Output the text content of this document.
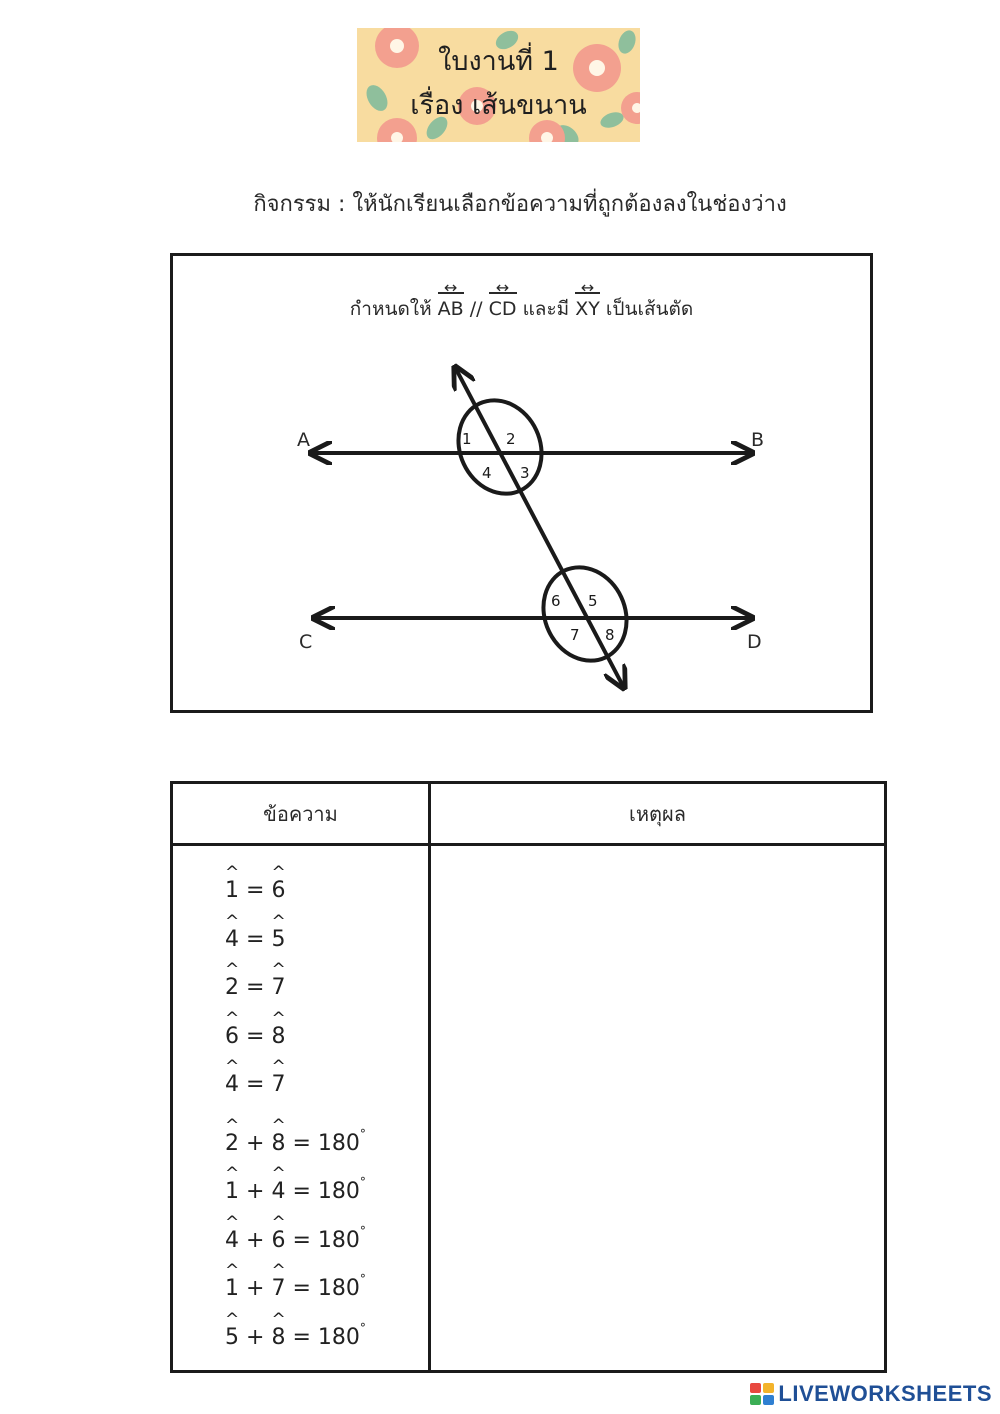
ใบงานที่ 1
เรื่อง เส้นขนาน
กิจกรรม : ให้นักเรียนเลือกข้อความที่ถูกต้องลงในช่องว่าง
กำหนดให้ AB ↔ // CD ↔ และมี XY ↔ เป็นเส้นตัด
A	B
C	D
1 2
3
4
5
6
7 8
ข้อความ	เหตุผล
^ 1 = ^ 6
^ 4 = ^ 5
^ 2 = ^ 7
^ 6 = ^ 8
^ 4 = ^ 7
^ 2 + ^ 8 = 180°
^ 1 + ^ 4 = 180°
^ 4 + ^ 6 = 180°
^ 1 + ^ 7 = 180°
^ 5 + ^ 8 = 180°
LIVEWORKSHEETS
